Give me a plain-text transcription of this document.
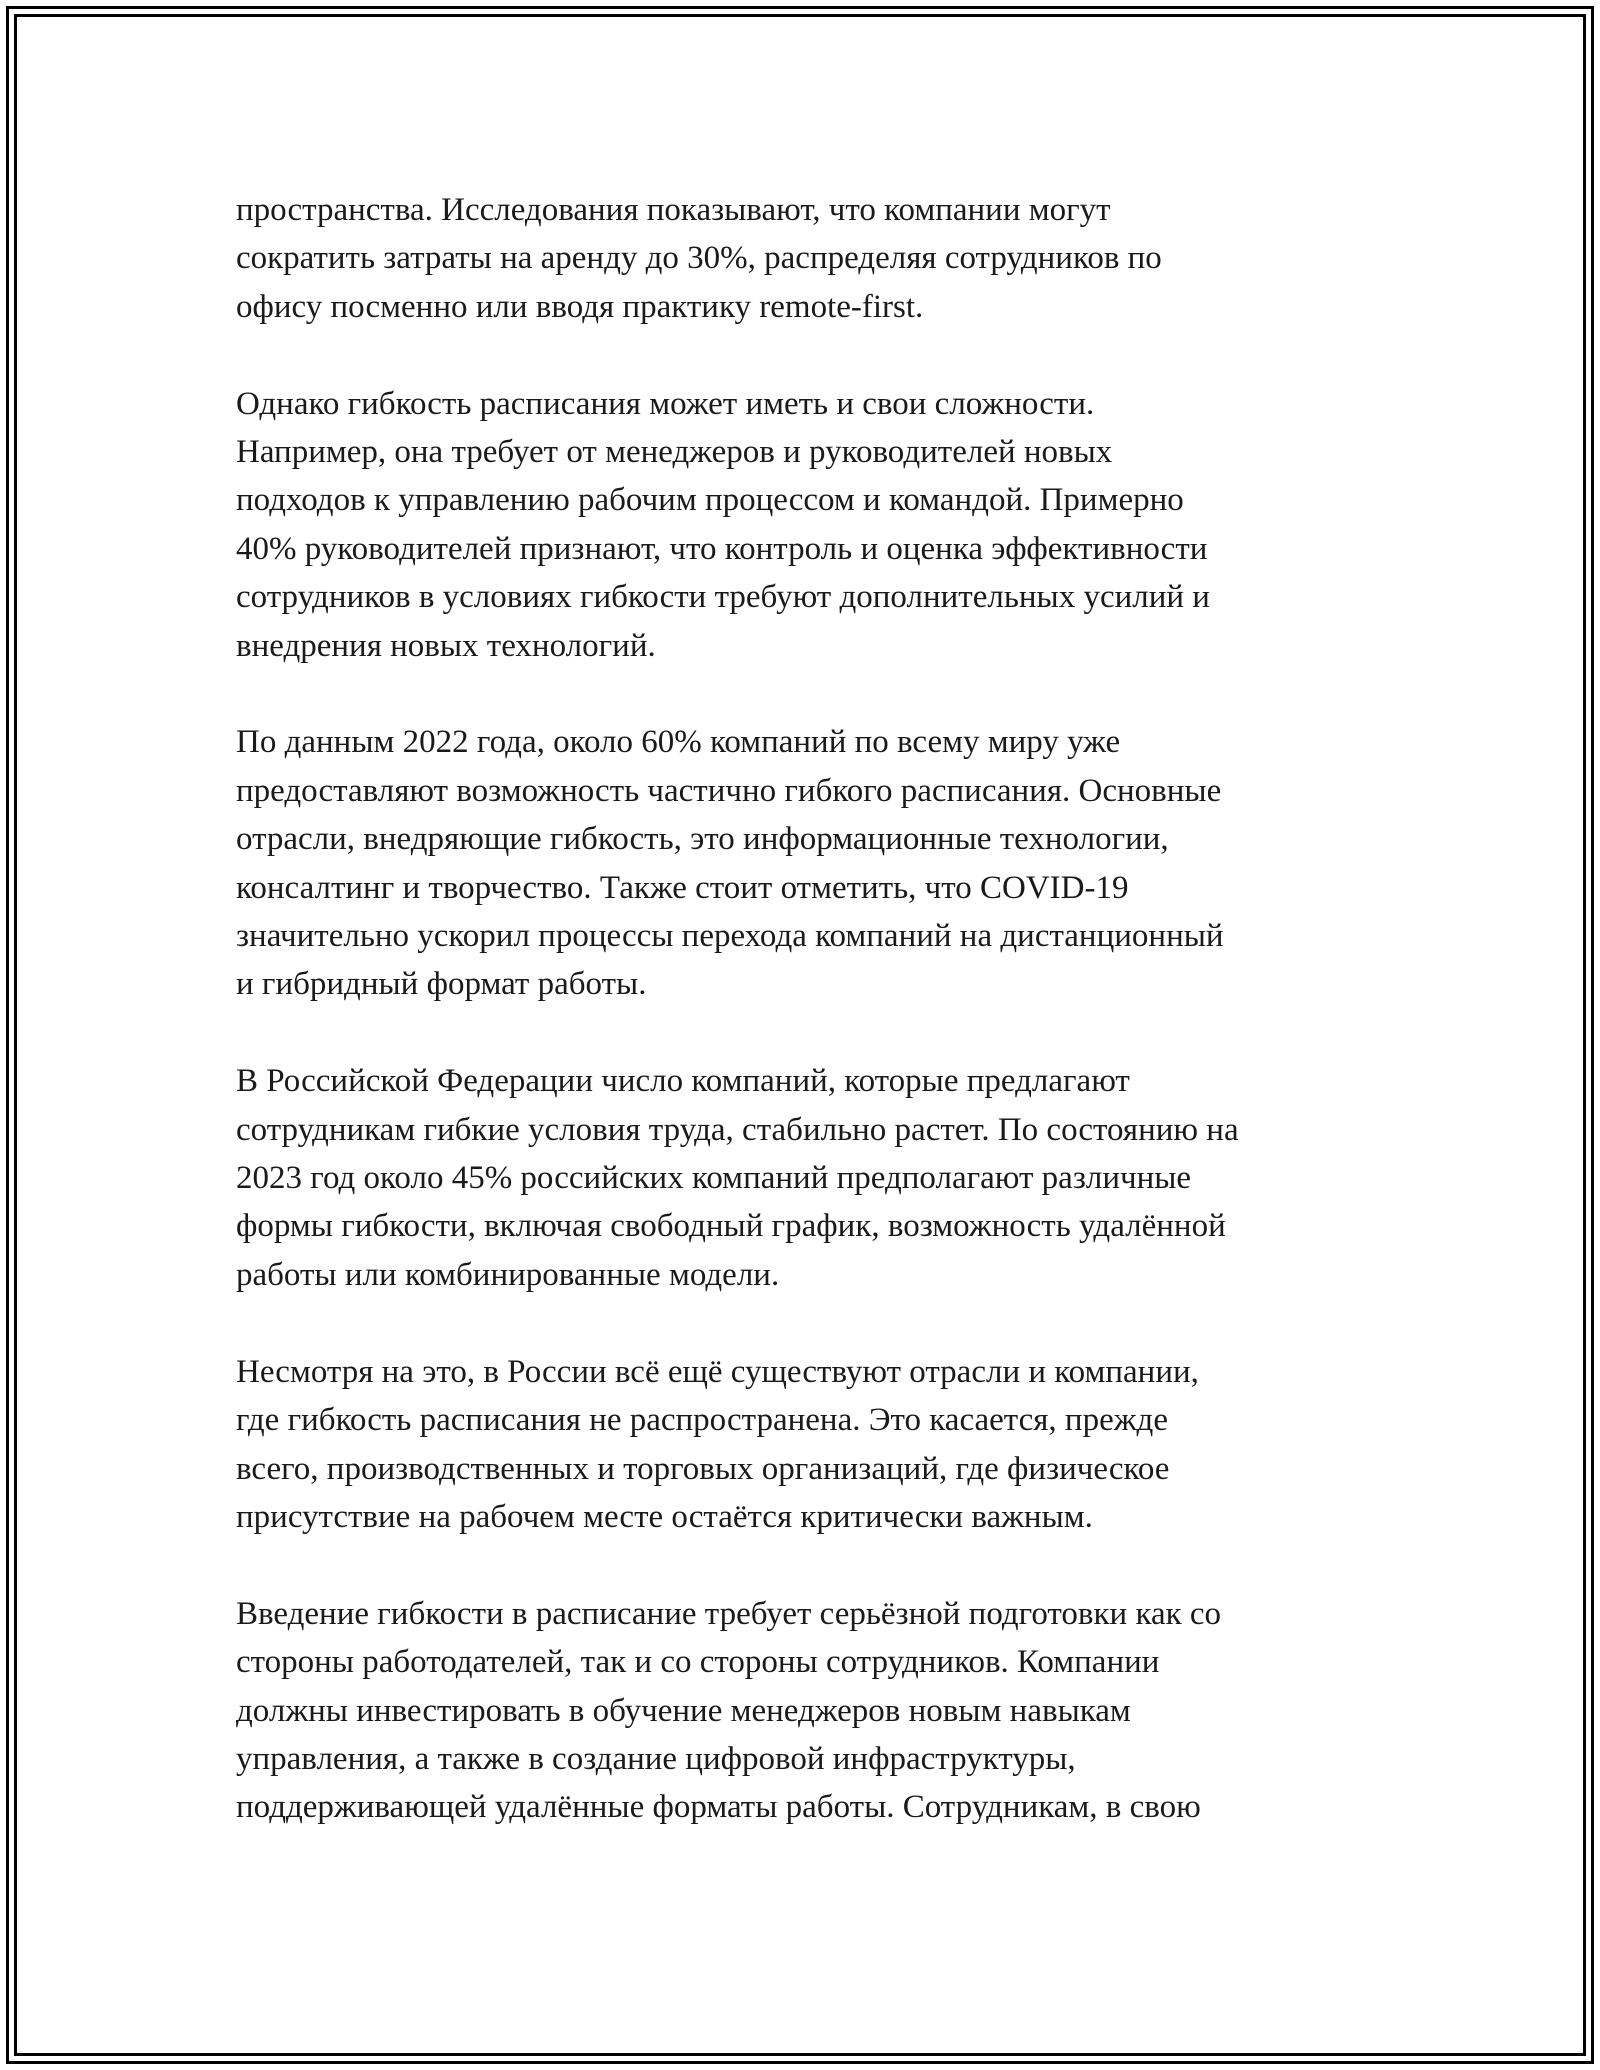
пространства. Исследования показывают, что компании могут
сократить затраты на аренду до 30%, распределяя сотрудников по
офису посменно или вводя практику remote-first.

Однако гибкость расписания может иметь и свои сложности.
Например, она требует от менеджеров и руководителей новых
подходов к управлению рабочим процессом и командой. Примерно
40% руководителей признают, что контроль и оценка эффективности
сотрудников в условиях гибкости требуют дополнительных усилий и
внедрения новых технологий.

По данным 2022 года, около 60% компаний по всему миру уже
предоставляют возможность частично гибкого расписания. Основные
отрасли, внедряющие гибкость, это информационные технологии,
консалтинг и творчество. Также стоит отметить, что COVID-19
значительно ускорил процессы перехода компаний на дистанционный
и гибридный формат работы.

В Российской Федерации число компаний, которые предлагают
сотрудникам гибкие условия труда, стабильно растет. По состоянию на
2023 год около 45% российских компаний предполагают различные
формы гибкости, включая свободный график, возможность удалённой
работы или комбинированные модели.

Несмотря на это, в России всё ещё существуют отрасли и компании,
где гибкость расписания не распространена. Это касается, прежде
всего, производственных и торговых организаций, где физическое
присутствие на рабочем месте остаётся критически важным.

Введение гибкости в расписание требует серьёзной подготовки как со
стороны работодателей, так и со стороны сотрудников. Компании
должны инвестировать в обучение менеджеров новым навыкам
управления, а также в создание цифровой инфраструктуры,
поддерживающей удалённые форматы работы. Сотрудникам, в свою
